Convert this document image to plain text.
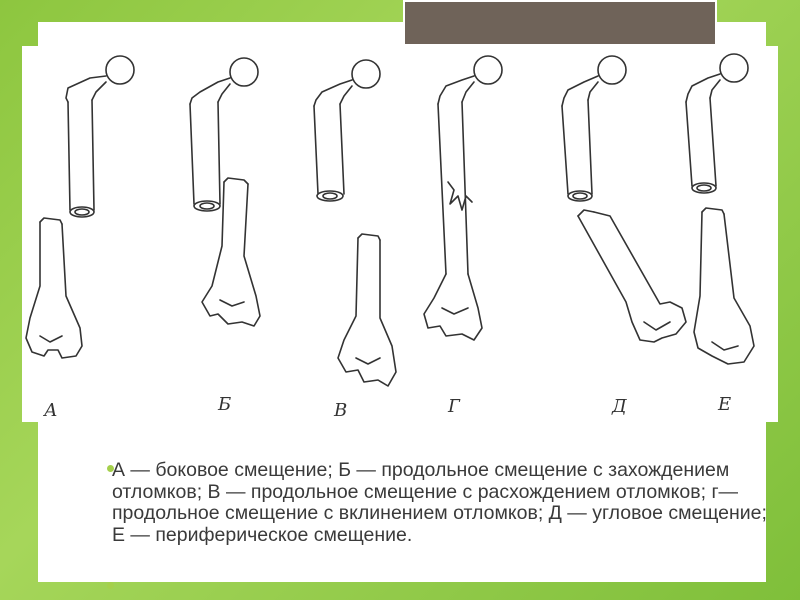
А	Б	В	Г	Д	Е
А — боковое смещение; Б — продольное смещение с захождением отломков; В — продольное смещение с расхождением отломков; г— продольное смещение с вклинением отломков; Д — угловое смещение; Е — периферическое смещение.
